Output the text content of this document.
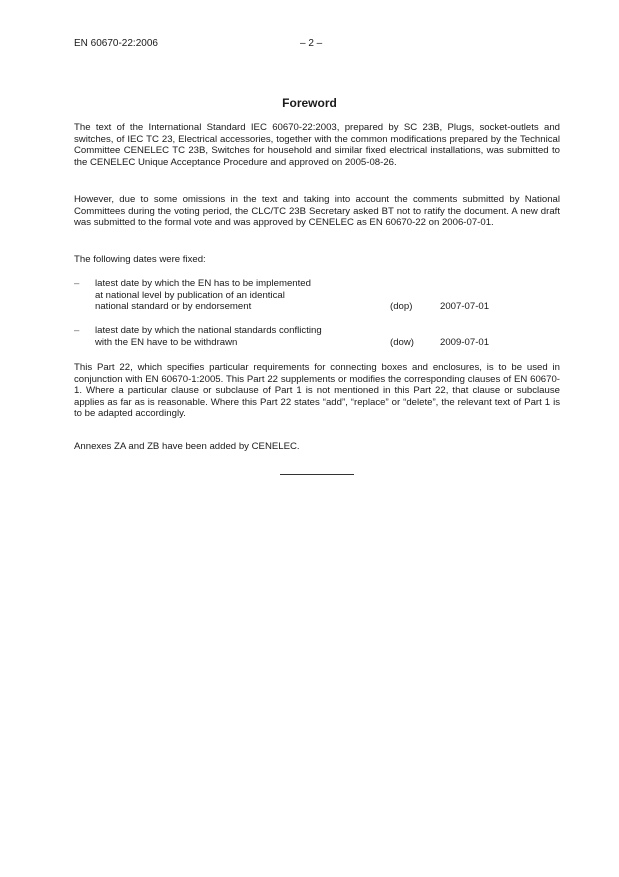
EN 60670-22:2006	– 2 –
Foreword

The text of the International Standard IEC 60670-22:2003, prepared by SC 23B, Plugs, socket-outlets and switches, of IEC TC 23, Electrical accessories, together with the common modifications prepared by the Technical Committee CENELEC TC 23B, Switches for household and similar fixed electrical installations, was submitted to the CENELEC Unique Acceptance Procedure and approved on 2005-08-26.

However, due to some omissions in the text and taking into account the comments submitted by National Committees during the voting period, the CLC/TC 23B Secretary asked BT not to ratify the document. A new draft was submitted to the formal vote and was approved by CENELEC as EN 60670-22 on 2006-07-01.

The following dates were fixed:

– latest date by which the EN has to be implemented
at national level by publication of an identical
national standard or by endorsement	(dop)	2007-07-01
– latest date by which the national standards conflicting
with the EN have to be withdrawn	(dow)	2009-07-01

This Part 22, which specifies particular requirements for connecting boxes and enclosures, is to be used in conjunction with EN 60670-1:2005. This Part 22 supplements or modifies the corresponding clauses of EN 60670-1. Where a particular clause or subclause of Part 1 is not mentioned in this Part 22, that clause or subclause applies as far as is reasonable. Where this Part 22 states “add”, “replace” or “delete”, the relevant text of Part 1 is to be adapted accordingly.

Annexes ZA and ZB have been added by CENELEC.
